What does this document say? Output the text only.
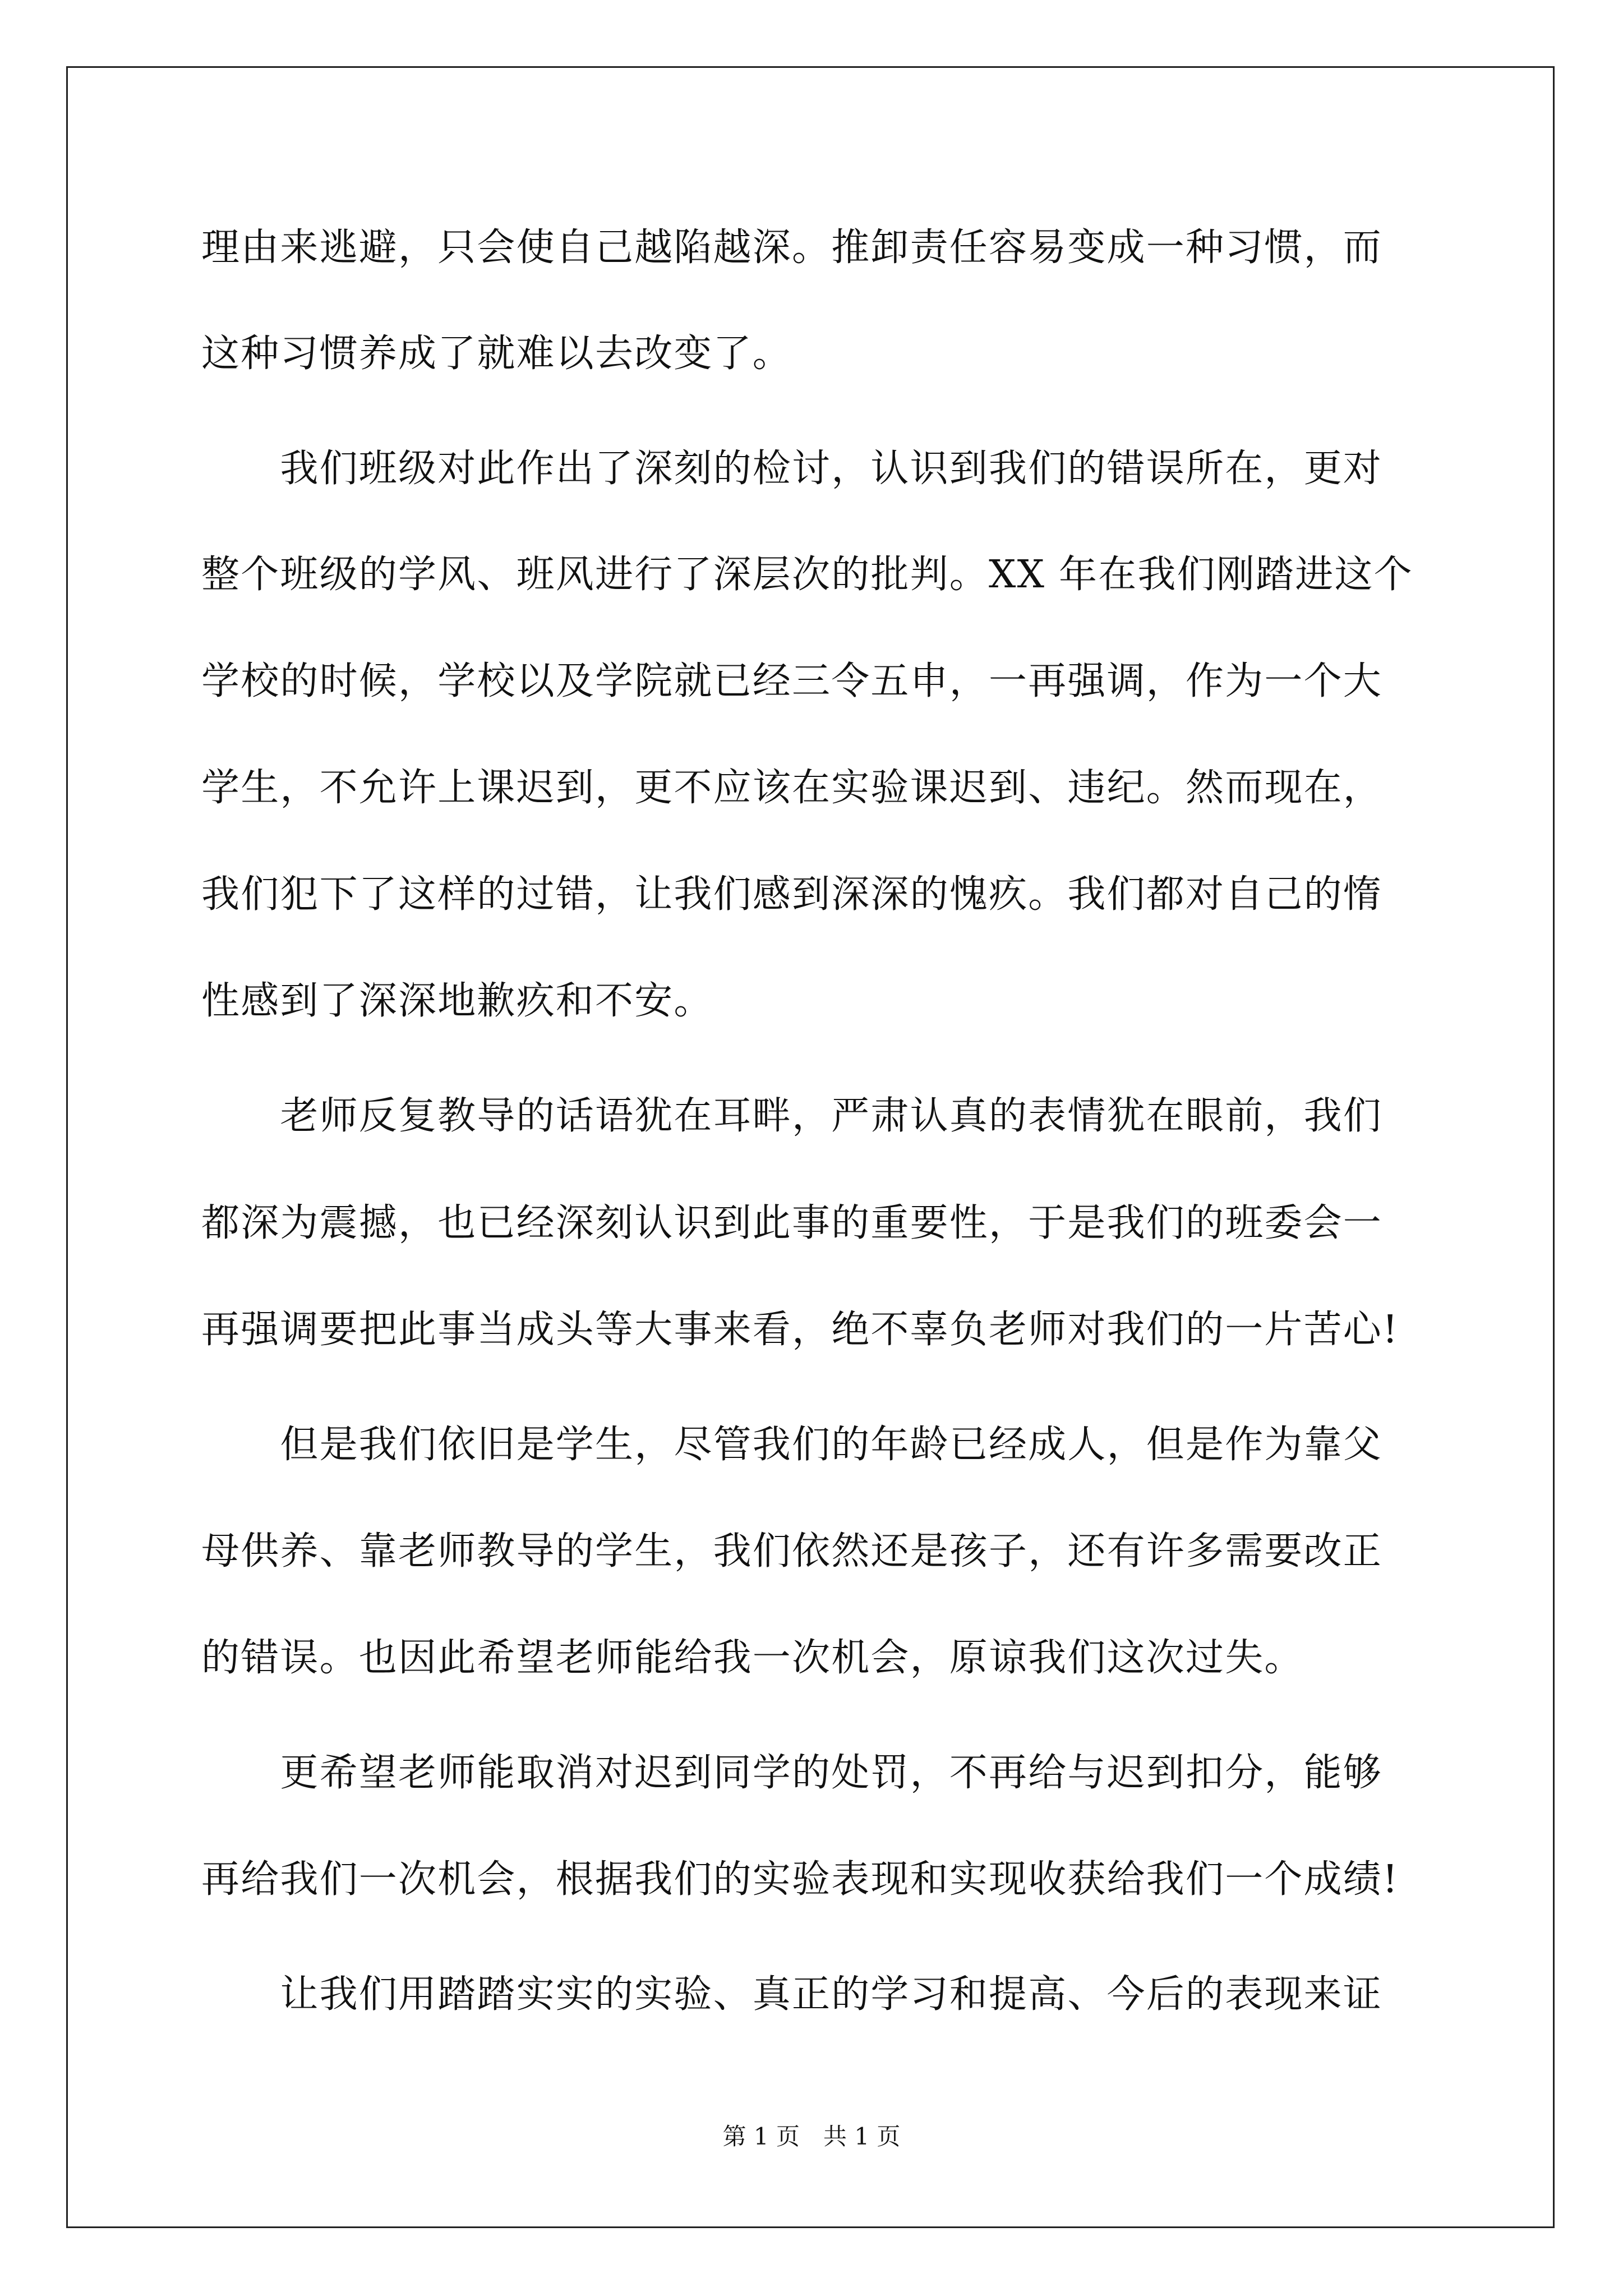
理由来逃避，只会使自己越陷越深。推卸责任容易变成一种习惯，而
这种习惯养成了就难以去改变了。
　　我们班级对此作出了深刻的检讨，认识到我们的错误所在，更对
整个班级的学风、班风进行了深层次的批判。XX 年在我们刚踏进这个
学校的时候，学校以及学院就已经三令五申，一再强调，作为一个大
学生，不允许上课迟到，更不应该在实验课迟到、违纪。然而现在，
我们犯下了这样的过错，让我们感到深深的愧疚。我们都对自己的惰
性感到了深深地歉疚和不安。
　　老师反复教导的话语犹在耳畔，严肃认真的表情犹在眼前，我们
都深为震撼，也已经深刻认识到此事的重要性，于是我们的班委会一
再强调要把此事当成头等大事来看，绝不辜负老师对我们的一片苦心!
　　但是我们依旧是学生，尽管我们的年龄已经成人，但是作为靠父
母供养、靠老师教导的学生，我们依然还是孩子，还有许多需要改正
的错误。也因此希望老师能给我一次机会，原谅我们这次过失。
　　更希望老师能取消对迟到同学的处罚，不再给与迟到扣分，能够
再给我们一次机会，根据我们的实验表现和实现收获给我们一个成绩!
　　让我们用踏踏实实的实验、真正的学习和提高、今后的表现来证
第 1 页　共 1 页
